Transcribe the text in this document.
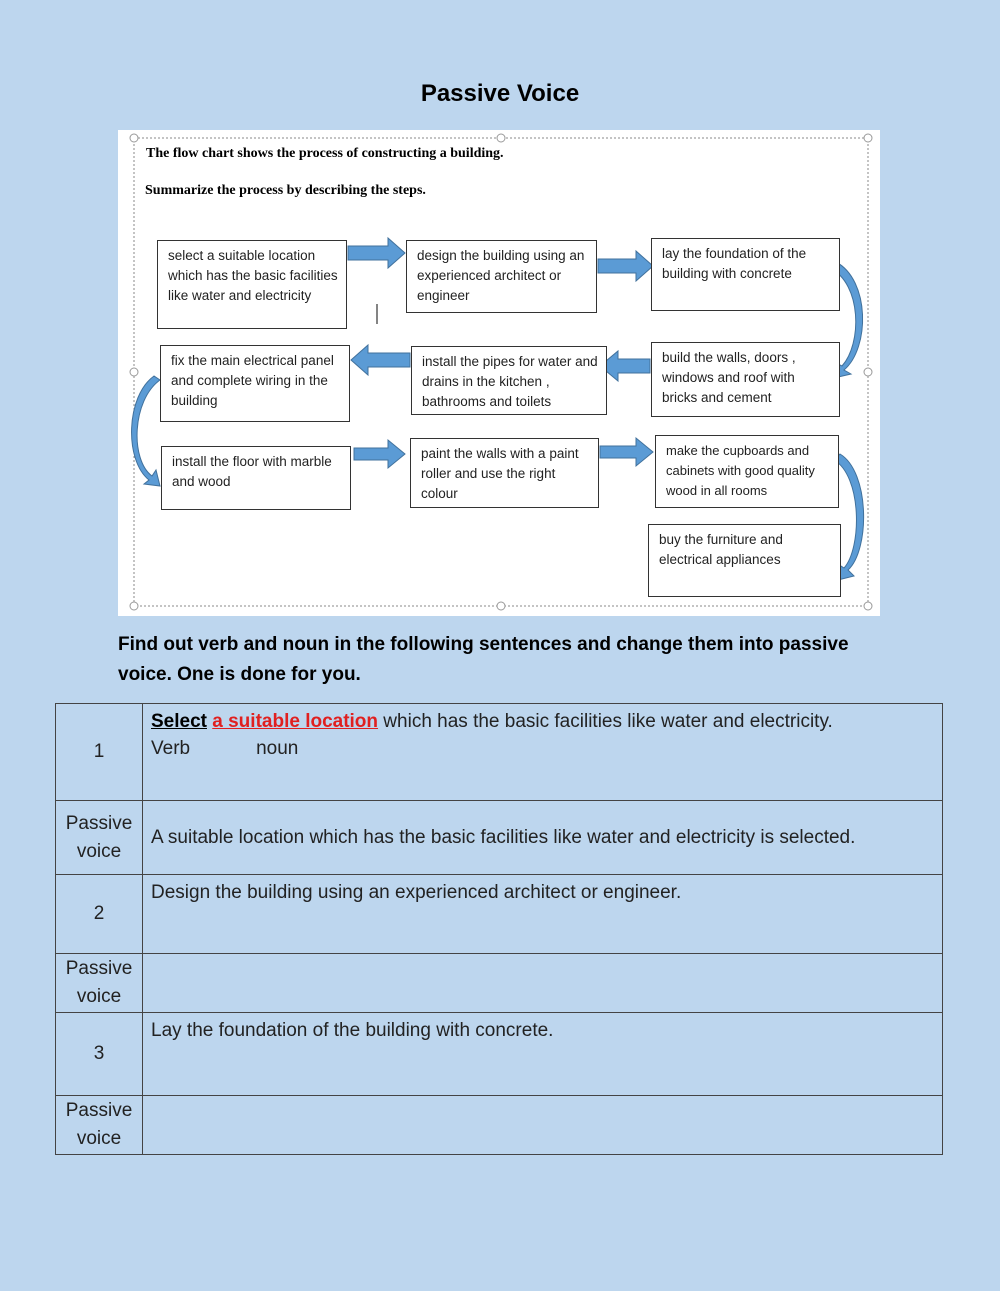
Passive Voice
The flow chart shows the process of constructing a building.
Summarize the process by describing the steps.
select a suitable location which has the basic facilities like water and electricity
design the building using an experienced architect or engineer
lay the foundation of the building with concrete
build the walls, doors , windows and roof with bricks and cement
install the pipes for water and drains in the kitchen , bathrooms and toilets
fix the main electrical panel and complete wiring in the building
install the floor with marble and wood
paint the walls with a paint roller and use the right colour
make the cupboards and cabinets with good quality wood in all rooms
buy the furniture and electrical appliances
Find out verb and noun in the following sentences and change them into passive voice. One is done for you.
1	Select a suitable location which has the basic facilities like water and electricity.
Verb noun
Passive voice	A suitable location which has the basic facilities like water and electricity is selected.
2	Design the building using an experienced architect or engineer.
Passive voice	
3	Lay the foundation of the building with concrete.
Passive voice	
